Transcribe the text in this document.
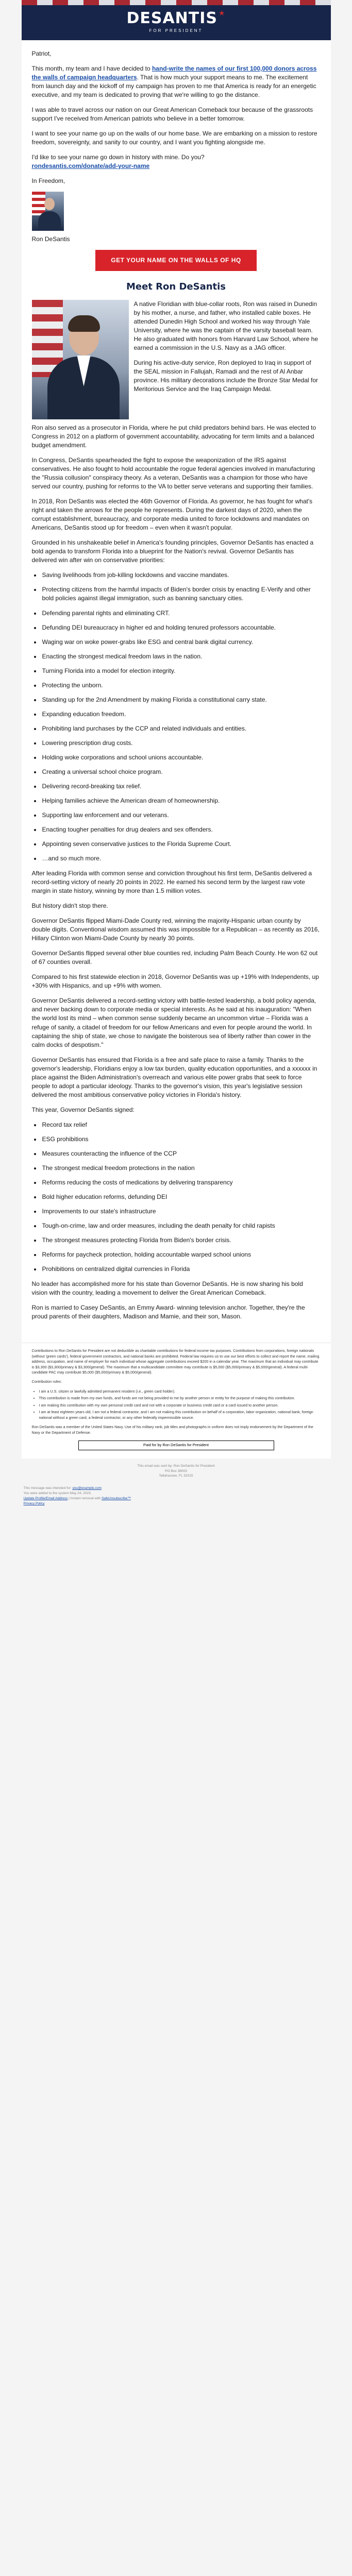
DESANTIS ★
FOR PRESIDENT

Patriot,

This month, my team and I have decided to hand-write the names of our first 100,000 donors across the walls of campaign headquarters. That is how much your support means to me. The excitement from launch day and the kickoff of my campaign has proven to me that America is ready for an energetic executive, and my team is dedicated to proving that we're willing to go the distance.

I was able to travel across our nation on our Great American Comeback tour because of the grassroots support I've received from American patriots who believe in a better tomorrow.

I want to see your name go up on the walls of our home base. We are embarking on a mission to restore freedom, sovereignty, and sanity to our country, and I want you fighting alongside me.

I'd like to see your name go down in history with mine. Do you?
rondesantis.com/donate/add-your-name

In Freedom,

Ron DeSantis

GET YOUR NAME ON THE WALLS OF HQ
Meet Ron DeSantis

A native Floridian with blue-collar roots, Ron was raised in Dunedin by his mother, a nurse, and father, who installed cable boxes. He attended Dunedin High School and worked his way through Yale University, where he was the captain of the varsity baseball team. He also graduated with honors from Harvard Law School, where he earned a commission in the U.S. Navy as a JAG officer.

During his active-duty service, Ron deployed to Iraq in support of the SEAL mission in Fallujah, Ramadi and the rest of Al Anbar province. His military decorations include the Bronze Star Medal for Meritorious Service and the Iraq Campaign Medal.

Ron also served as a prosecutor in Florida, where he put child predators behind bars. He was elected to Congress in 2012 on a platform of government accountability, advocating for term limits and a balanced budget amendment.

In Congress, DeSantis spearheaded the fight to expose the weaponization of the IRS against conservatives. He also fought to hold accountable the rogue federal agencies involved in manufacturing the "Russia collusion" conspiracy theory. As a veteran, DeSantis was a champion for those who have served our country, pushing for reforms to the VA to better serve veterans and supporting their families.

In 2018, Ron DeSantis was elected the 46th Governor of Florida. As governor, he has fought for what's right and taken the arrows for the people he represents. During the darkest days of 2020, when the corrupt establishment, bureaucracy, and corporate media united to force lockdowns and mandates on Americans, DeSantis stood up for freedom – even when it wasn't popular.

Grounded in his unshakeable belief in America's founding principles, Governor DeSantis has enacted a bold agenda to transform Florida into a blueprint for the Nation's revival. Governor DeSantis has delivered win after win on conservative priorities:

• Saving livelihoods from job-killing lockdowns and vaccine mandates.
• Protecting citizens from the harmful impacts of Biden's border crisis by enacting E-Verify and other bold policies against illegal immigration, such as banning sanctuary cities.
• Defending parental rights and eliminating CRT.
• Defunding DEI bureaucracy in higher ed and holding tenured professors accountable.
• Waging war on woke power-grabs like ESG and central bank digital currency.
• Enacting the strongest medical freedom laws in the nation.
• Turning Florida into a model for election integrity.
• Protecting the unborn.
• Standing up for the 2nd Amendment by making Florida a constitutional carry state.
• Expanding education freedom.
• Prohibiting land purchases by the CCP and related individuals and entities.
• Lowering prescription drug costs.
• Holding woke corporations and school unions accountable.
• Creating a universal school choice program.
• Delivering record-breaking tax relief.
• Helping families achieve the American dream of homeownership.
• Supporting law enforcement and our veterans.
• Enacting tougher penalties for drug dealers and sex offenders.
• Appointing seven conservative justices to the Florida Supreme Court.
• …and so much more.

After leading Florida with common sense and conviction throughout his first term, DeSantis delivered a record-setting victory of nearly 20 points in 2022. He earned his second term by the largest raw vote margin in state history, winning by more than 1.5 million votes.

But history didn't stop there.

Governor DeSantis flipped Miami-Dade County red, winning the majority-Hispanic urban county by double digits. Conventional wisdom assumed this was impossible for a Republican – as recently as 2016, Hillary Clinton won Miami-Dade County by nearly 30 points.

Governor DeSantis flipped several other blue counties red, including Palm Beach County. He won 62 out of 67 counties overall.

Compared to his first statewide election in 2018, Governor DeSantis was up +19% with Independents, up +30% with Hispanics, and up +9% with women.

Governor DeSantis delivered a record-setting victory with battle-tested leadership, a bold policy agenda, and never backing down to corporate media or special interests. As he said at his inauguration: "When the world lost its mind – when common sense suddenly became an uncommon virtue – Florida was a refuge of sanity, a citadel of freedom for our fellow Americans and even for people around the world. In captaining the ship of state, we chose to navigate the boisterous sea of liberty rather than cower in the calm docks of despotism."

Governor DeSantis has ensured that Florida is a free and safe place to raise a family. Thanks to the governor's leadership, Floridians enjoy a low tax burden, quality education opportunities, and a xxxxxx in place against the Biden Administration's overreach and various elite power grabs that seek to force people to adopt a particular ideology. Thanks to the governor's vision, this year's legislative session delivered the most ambitious conservative policy victories in Florida's history.

This year, Governor DeSantis signed:

• Record tax relief
• ESG prohibitions
• Measures counteracting the influence of the CCP
• The strongest medical freedom protections in the nation
• Reforms reducing the costs of medications by delivering transparency
• Bold higher education reforms, defunding DEI
• Improvements to our state's infrastructure
• Tough-on-crime, law and order measures, including the death penalty for child rapists
• The strongest measures protecting Florida from Biden's border crisis.
• Reforms for paycheck protection, holding accountable warped school unions
• Prohibitions on centralized digital currencies in Florida

No leader has accomplished more for his state than Governor DeSantis. He is now sharing his bold vision with the country, leading a movement to deliver the Great American Comeback.

Ron is married to Casey DeSantis, an Emmy Award- winning television anchor. Together, they're the proud parents of their daughters, Madison and Mamie, and their son, Mason.

Contributions to Ron DeSantis for President are not deductible as charitable contributions for federal income tax purposes. Contributions from corporations, foreign nationals (without 'green cards'), federal government contractors, and national banks are prohibited. Federal law requires us to use our best efforts to collect and report the name, mailing address, occupation, and name of employer for each individual whose aggregate contributions exceed $200 in a calendar year. The maximum that an individual may contribute is $3,300 ($3,300/primary & $3,300/general). The maximum that a multicandidate committee may contribute is $5,000 ($5,000/primary & $5,000/general). A federal multi-candidate PAC may contribute $5,000 ($5,000/primary & $5,000/general).

Contribution rules:

• I am a U.S. citizen or lawfully admitted permanent resident (i.e., green card holder).
• This contribution is made from my own funds, and funds are not being provided to me by another person or entity for the purpose of making this contribution.
• I am making this contribution with my own personal credit card and not with a corporate or business credit card or a card issued to another person.
• I am at least eighteen years old, I am not a federal contractor, and I am not making this contribution on behalf of a corporation, labor organization, national bank, foreign national without a green card, a federal contractor, or any other federally impermissible source.

Ron DeSantis was a member of the United States Navy. Use of his military rank, job titles and photographs in uniform does not imply endorsement by the Department of the Navy or the Department of Defense.

Paid for by Ron DeSantis for President
This email was sent by: Ron DeSantis for President
PO Box 38003
Tallahassee, FL 32315
This message was intended for: you@example.com
You were added to the system May 24, 2023.
Update Profile/Email Address | Instant removal with SafeUnsubscribe™
Privacy Policy
